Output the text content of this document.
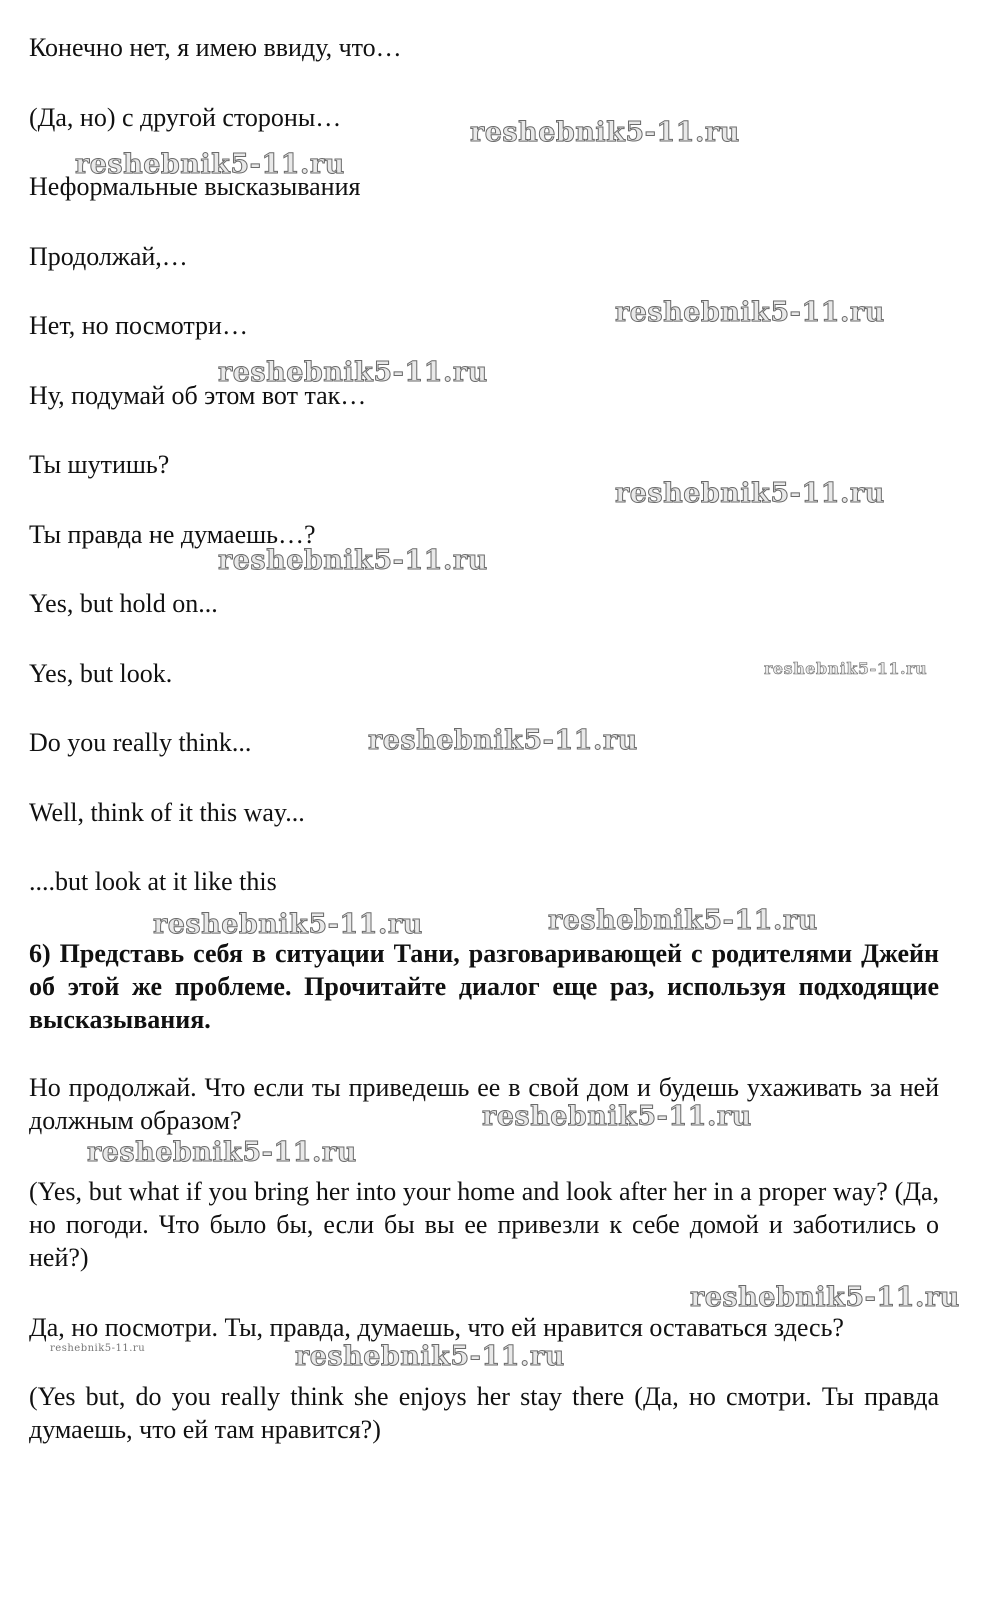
Конечно нет, я имею ввиду, что…

(Да, но) с другой стороны…

Неформальные высказывания

Продолжай,…

Нет, но посмотри…

Ну, подумай об этом вот так…

Ты шутишь?

Ты правда не думаешь…?

Yes, but hold on...

Yes, but look.

Do you really think...

Well, think of it this way...

....but look at it like this

6) Представь себя в ситуации Тани, разговаривающей с родителями Джейн об этой же проблеме. Прочитайте диалог еще раз, используя подходящие высказывания.

Но продолжай. Что если ты приведешь ее в свой дом и будешь ухаживать за ней должным образом?

(Yes, but what if you bring her into your home and look after her in a proper way? (Да, но погоди. Что было бы, если бы вы ее привезли к себе домой и заботились о ней?)

Да, но посмотри. Ты, правда, думаешь, что ей нравится оставаться здесь?

(Yes but, do you really think she enjoys her stay there (Да, но смотри. Ты правда думаешь, что ей там нравится?)

reshebnik5-11.ru
reshebnik5-11.ru
reshebnik5-11.ru
reshebnik5-11.ru
reshebnik5-11.ru
reshebnik5-11.ru
reshebnik5-11.ru
reshebnik5-11.ru
reshebnik5-11.ru	reshebnik5-11.ru
reshebnik5-11.ru
reshebnik5-11.ru
reshebnik5-11.ru
reshebnik5-11.ru	reshebnik5-11.ru
